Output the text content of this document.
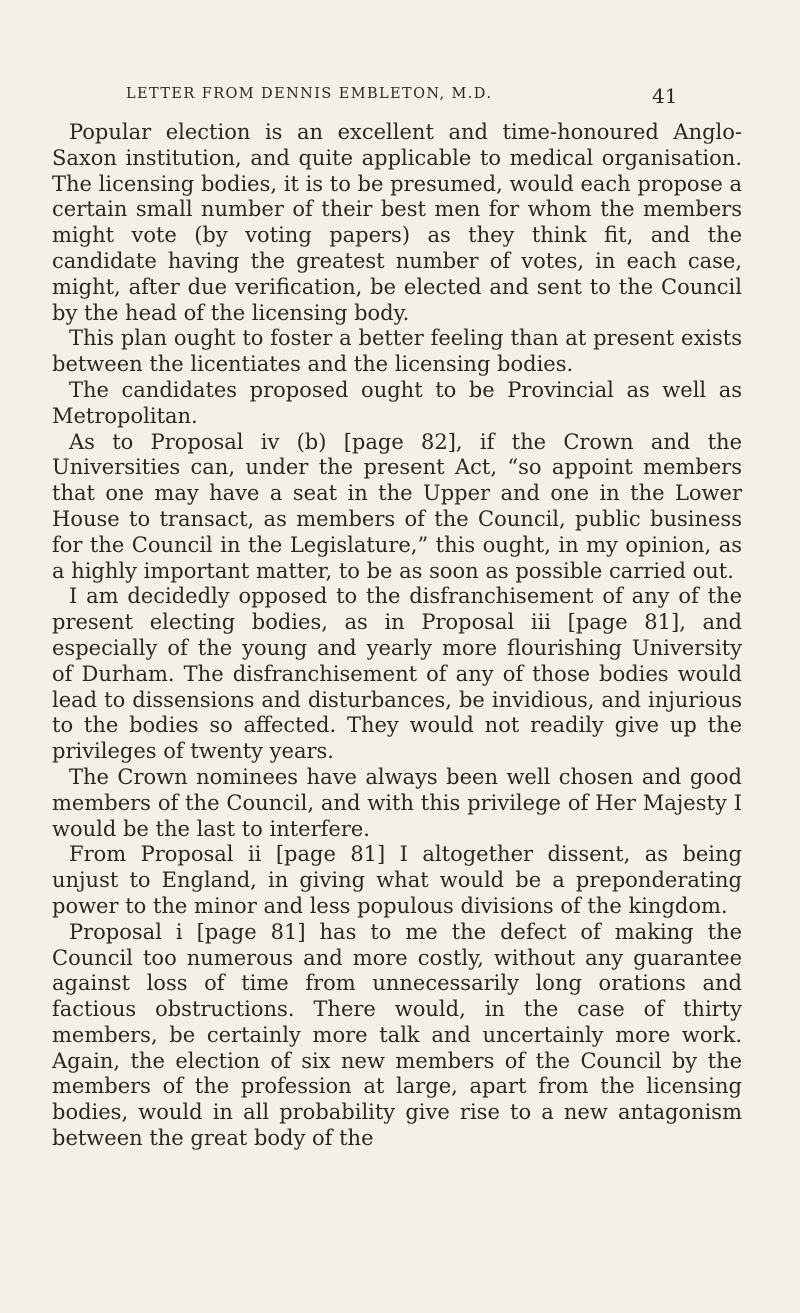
LETTER FROM DENNIS EMBLETON, M.D.	41

Popular election is an excellent and time-honoured Anglo-Saxon institution, and quite applicable to medical organisation. The licensing bodies, it is to be presumed, would each propose a certain small number of their best men for whom the members might vote (by voting papers) as they think fit, and the candidate having the greatest number of votes, in each case, might, after due verification, be elected and sent to the Council by the head of the licensing body.

This plan ought to foster a better feeling than at present exists between the licentiates and the licensing bodies.

The candidates proposed ought to be Provincial as well as Metropolitan.

As to Proposal iv (b) [page 82], if the Crown and the Universities can, under the present Act, “so appoint members that one may have a seat in the Upper and one in the Lower House to transact, as members of the Council, public business for the Council in the Legislature,” this ought, in my opinion, as a highly important matter, to be as soon as possible carried out.

I am decidedly opposed to the disfranchisement of any of the present electing bodies, as in Proposal iii [page 81], and especially of the young and yearly more flourishing University of Durham. The disfranchisement of any of those bodies would lead to dissensions and disturbances, be invidious, and injurious to the bodies so affected. They would not readily give up the privileges of twenty years.

The Crown nominees have always been well chosen and good members of the Council, and with this privilege of Her Majesty I would be the last to interfere.

From Proposal ii [page 81] I altogether dissent, as being unjust to England, in giving what would be a preponderating power to the minor and less populous divisions of the kingdom.

Proposal i [page 81] has to me the defect of making the Council too numerous and more costly, without any guarantee against loss of time from unnecessarily long orations and factious obstructions. There would, in the case of thirty members, be certainly more talk and uncertainly more work. Again, the election of six new members of the Council by the members of the profession at large, apart from the licensing bodies, would in all probability give rise to a new antagonism between the great body of the
